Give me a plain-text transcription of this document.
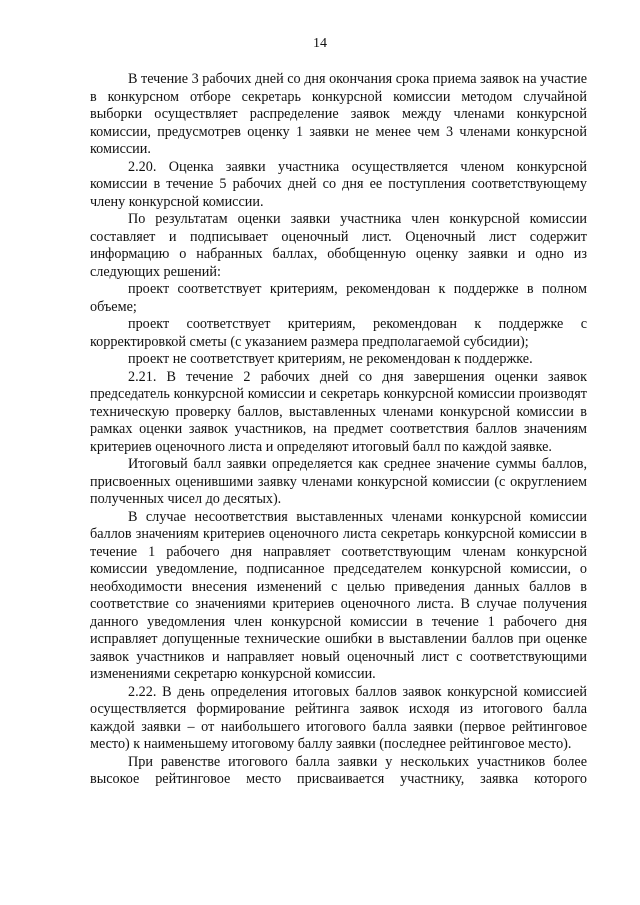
14

В течение 3 рабочих дней со дня окончания срока приема заявок на участие в конкурсном отборе секретарь конкурсной комиссии методом случайной выборки осуществляет распределение заявок между членами конкурсной комиссии, предусмотрев оценку 1 заявки не менее чем 3 членами конкурсной комиссии.

2.20. Оценка заявки участника осуществляется членом конкурсной комиссии в течение 5 рабочих дней со дня ее поступления соответствующему члену конкурсной комиссии.

По результатам оценки заявки участника член конкурсной комиссии составляет и подписывает оценочный лист. Оценочный лист содержит информацию о набранных баллах, обобщенную оценку заявки и одно из следующих решений:

проект соответствует критериям, рекомендован к поддержке в полном объеме;

проект соответствует критериям, рекомендован к поддержке с корректировкой сметы (с указанием размера предполагаемой субсидии);

проект не соответствует критериям, не рекомендован к поддержке.

2.21. В течение 2 рабочих дней со дня завершения оценки заявок председатель конкурсной комиссии и секретарь конкурсной комиссии производят техническую проверку баллов, выставленных членами конкурсной комиссии в рамках оценки заявок участников, на предмет соответствия баллов значениям критериев оценочного листа и определяют итоговый балл по каждой заявке.

Итоговый балл заявки определяется как среднее значение суммы баллов, присвоенных оценившими заявку членами конкурсной комиссии (с округлением полученных чисел до десятых).

В случае несоответствия выставленных членами конкурсной комиссии баллов значениям критериев оценочного листа секретарь конкурсной комиссии в течение 1 рабочего дня направляет соответствующим членам конкурсной комиссии уведомление, подписанное председателем конкурсной комиссии, о необходимости внесения изменений с целью приведения данных баллов в соответствие со значениями критериев оценочного листа. В случае получения данного уведомления член конкурсной комиссии в течение 1 рабочего дня исправляет допущенные технические ошибки в выставлении баллов при оценке заявок участников и направляет новый оценочный лист с соответствующими изменениями секретарю конкурсной комиссии.

2.22. В день определения итоговых баллов заявок конкурсной комиссией осуществляется формирование рейтинга заявок исходя из итогового балла каждой заявки – от наибольшего итогового балла заявки (первое рейтинговое место) к наименьшему итоговому баллу заявки (последнее рейтинговое место).

При равенстве итогового балла заявки у нескольких участников более высокое рейтинговое место присваивается участнику, заявка которого
